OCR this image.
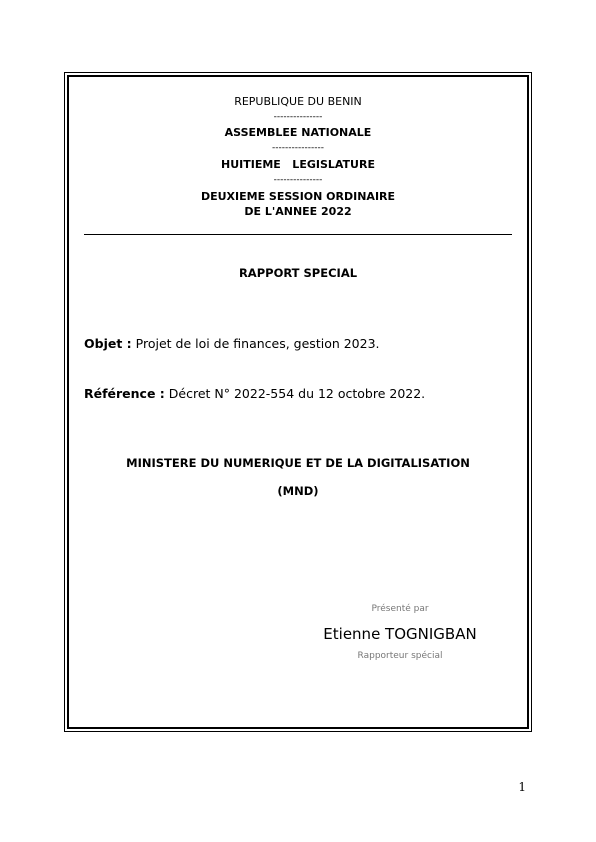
REPUBLIQUE DU BENIN

---------------

ASSEMBLEE NATIONALE

----------------

HUITIEME   LEGISLATURE

---------------

DEUXIEME SESSION ORDINAIRE

DE L'ANNEE 2022

RAPPORT SPECIAL

Objet : Projet de loi de finances, gestion 2023.

Référence : Décret N° 2022-554 du 12 octobre 2022.

MINISTERE DU NUMERIQUE ET DE LA DIGITALISATION

(MND)

Présenté par

Etienne TOGNIGBAN

Rapporteur spécial

1
